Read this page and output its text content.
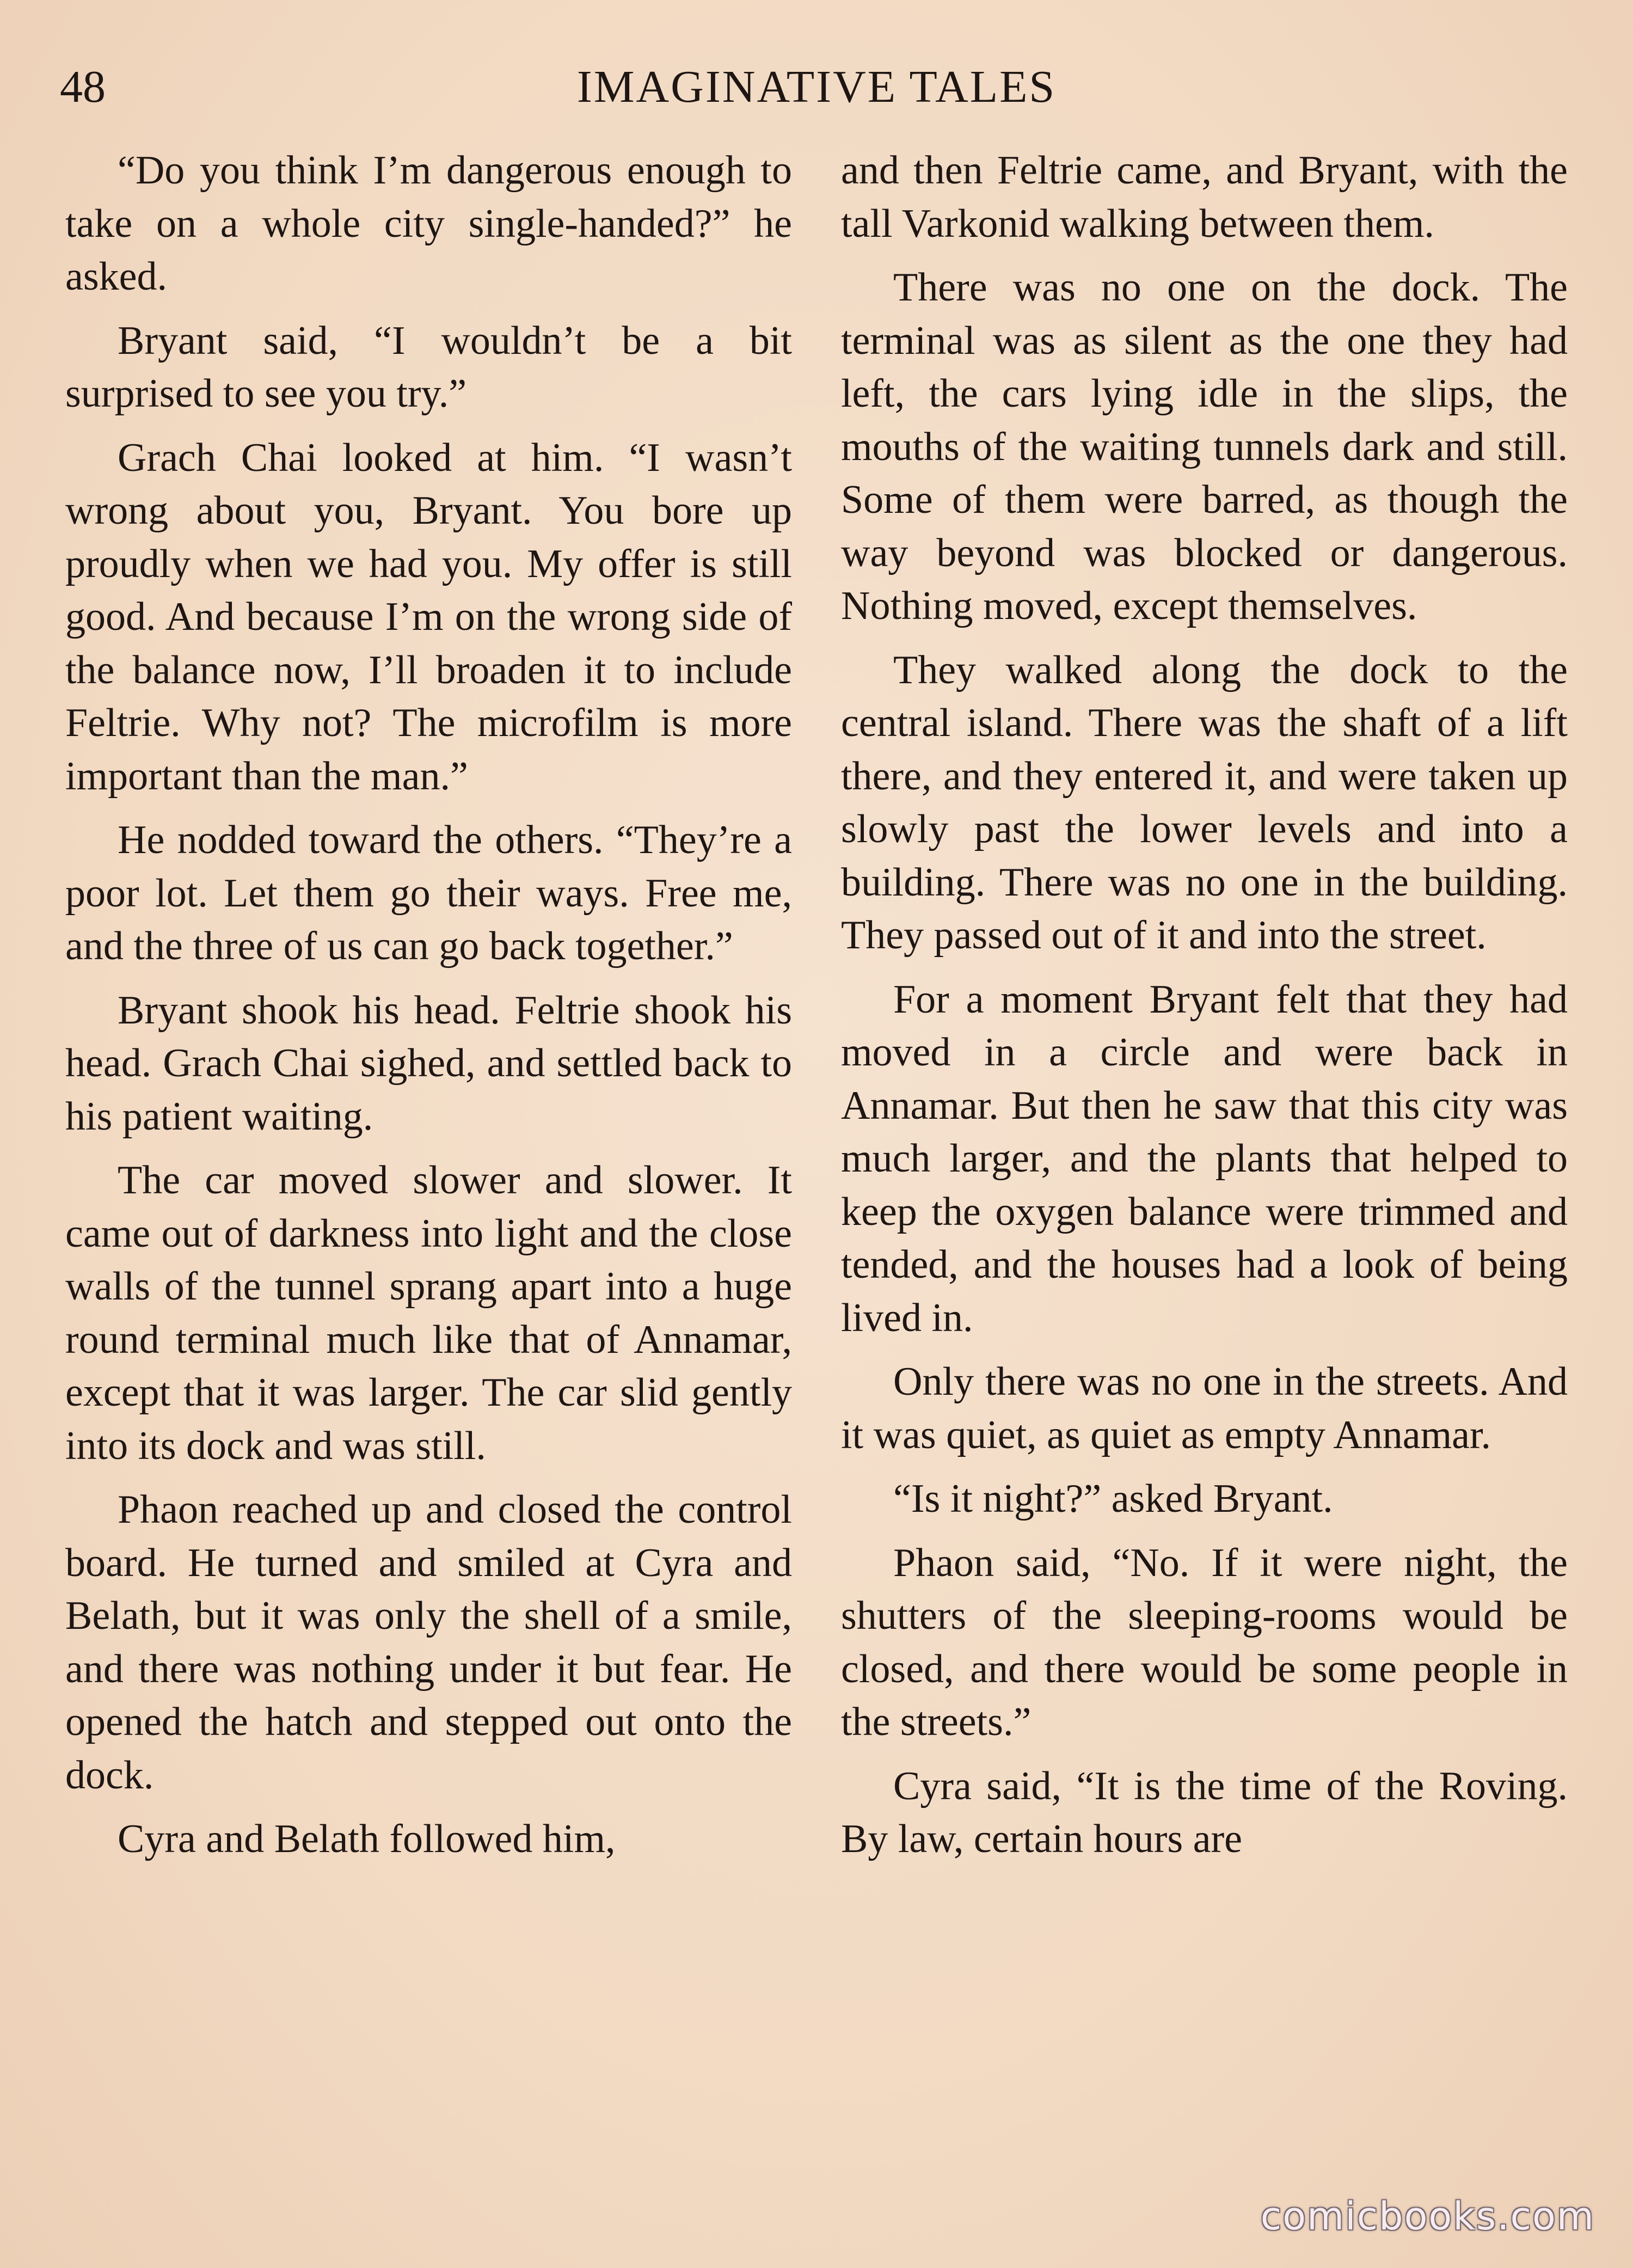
48	IMAGINATIVE TALES

“Do you think I’m dangerous enough to take on a whole city single-handed?” he asked.

Bryant said, “I wouldn’t be a bit surprised to see you try.”

Grach Chai looked at him. “I wasn’t wrong about you, Bryant. You bore up proudly when we had you. My offer is still good. And because I’m on the wrong side of the balance now, I’ll broaden it to include Feltrie. Why not? The microfilm is more important than the man.”

He nodded toward the others. “They’re a poor lot. Let them go their ways. Free me, and the three of us can go back together.”

Bryant shook his head. Feltrie shook his head. Grach Chai sighed, and settled back to his patient waiting.

The car moved slower and slower. It came out of darkness into light and the close walls of the tunnel sprang apart into a huge round terminal much like that of Annamar, except that it was larger. The car slid gently into its dock and was still.

Phaon reached up and closed the control board. He turned and smiled at Cyra and Belath, but it was only the shell of a smile, and there was nothing under it but fear. He opened the hatch and stepped out onto the dock.

Cyra and Belath followed him,

and then Feltrie came, and Bryant, with the tall Varkonid walking between them.

There was no one on the dock. The terminal was as silent as the one they had left, the cars lying idle in the slips, the mouths of the waiting tunnels dark and still. Some of them were barred, as though the way beyond was blocked or dangerous. Nothing moved, except themselves.

They walked along the dock to the central island. There was the shaft of a lift there, and they entered it, and were taken up slowly past the lower levels and into a building. There was no one in the building. They passed out of it and into the street.

For a moment Bryant felt that they had moved in a circle and were back in Annamar. But then he saw that this city was much larger, and the plants that helped to keep the oxygen balance were trimmed and tended, and the houses had a look of being lived in.

Only there was no one in the streets. And it was quiet, as quiet as empty Annamar.

“Is it night?” asked Bryant.

Phaon said, “No. If it were night, the shutters of the sleeping-rooms would be closed, and there would be some people in the streets.”

Cyra said, “It is the time of the Roving. By law, certain hours are

comicbooks.com
